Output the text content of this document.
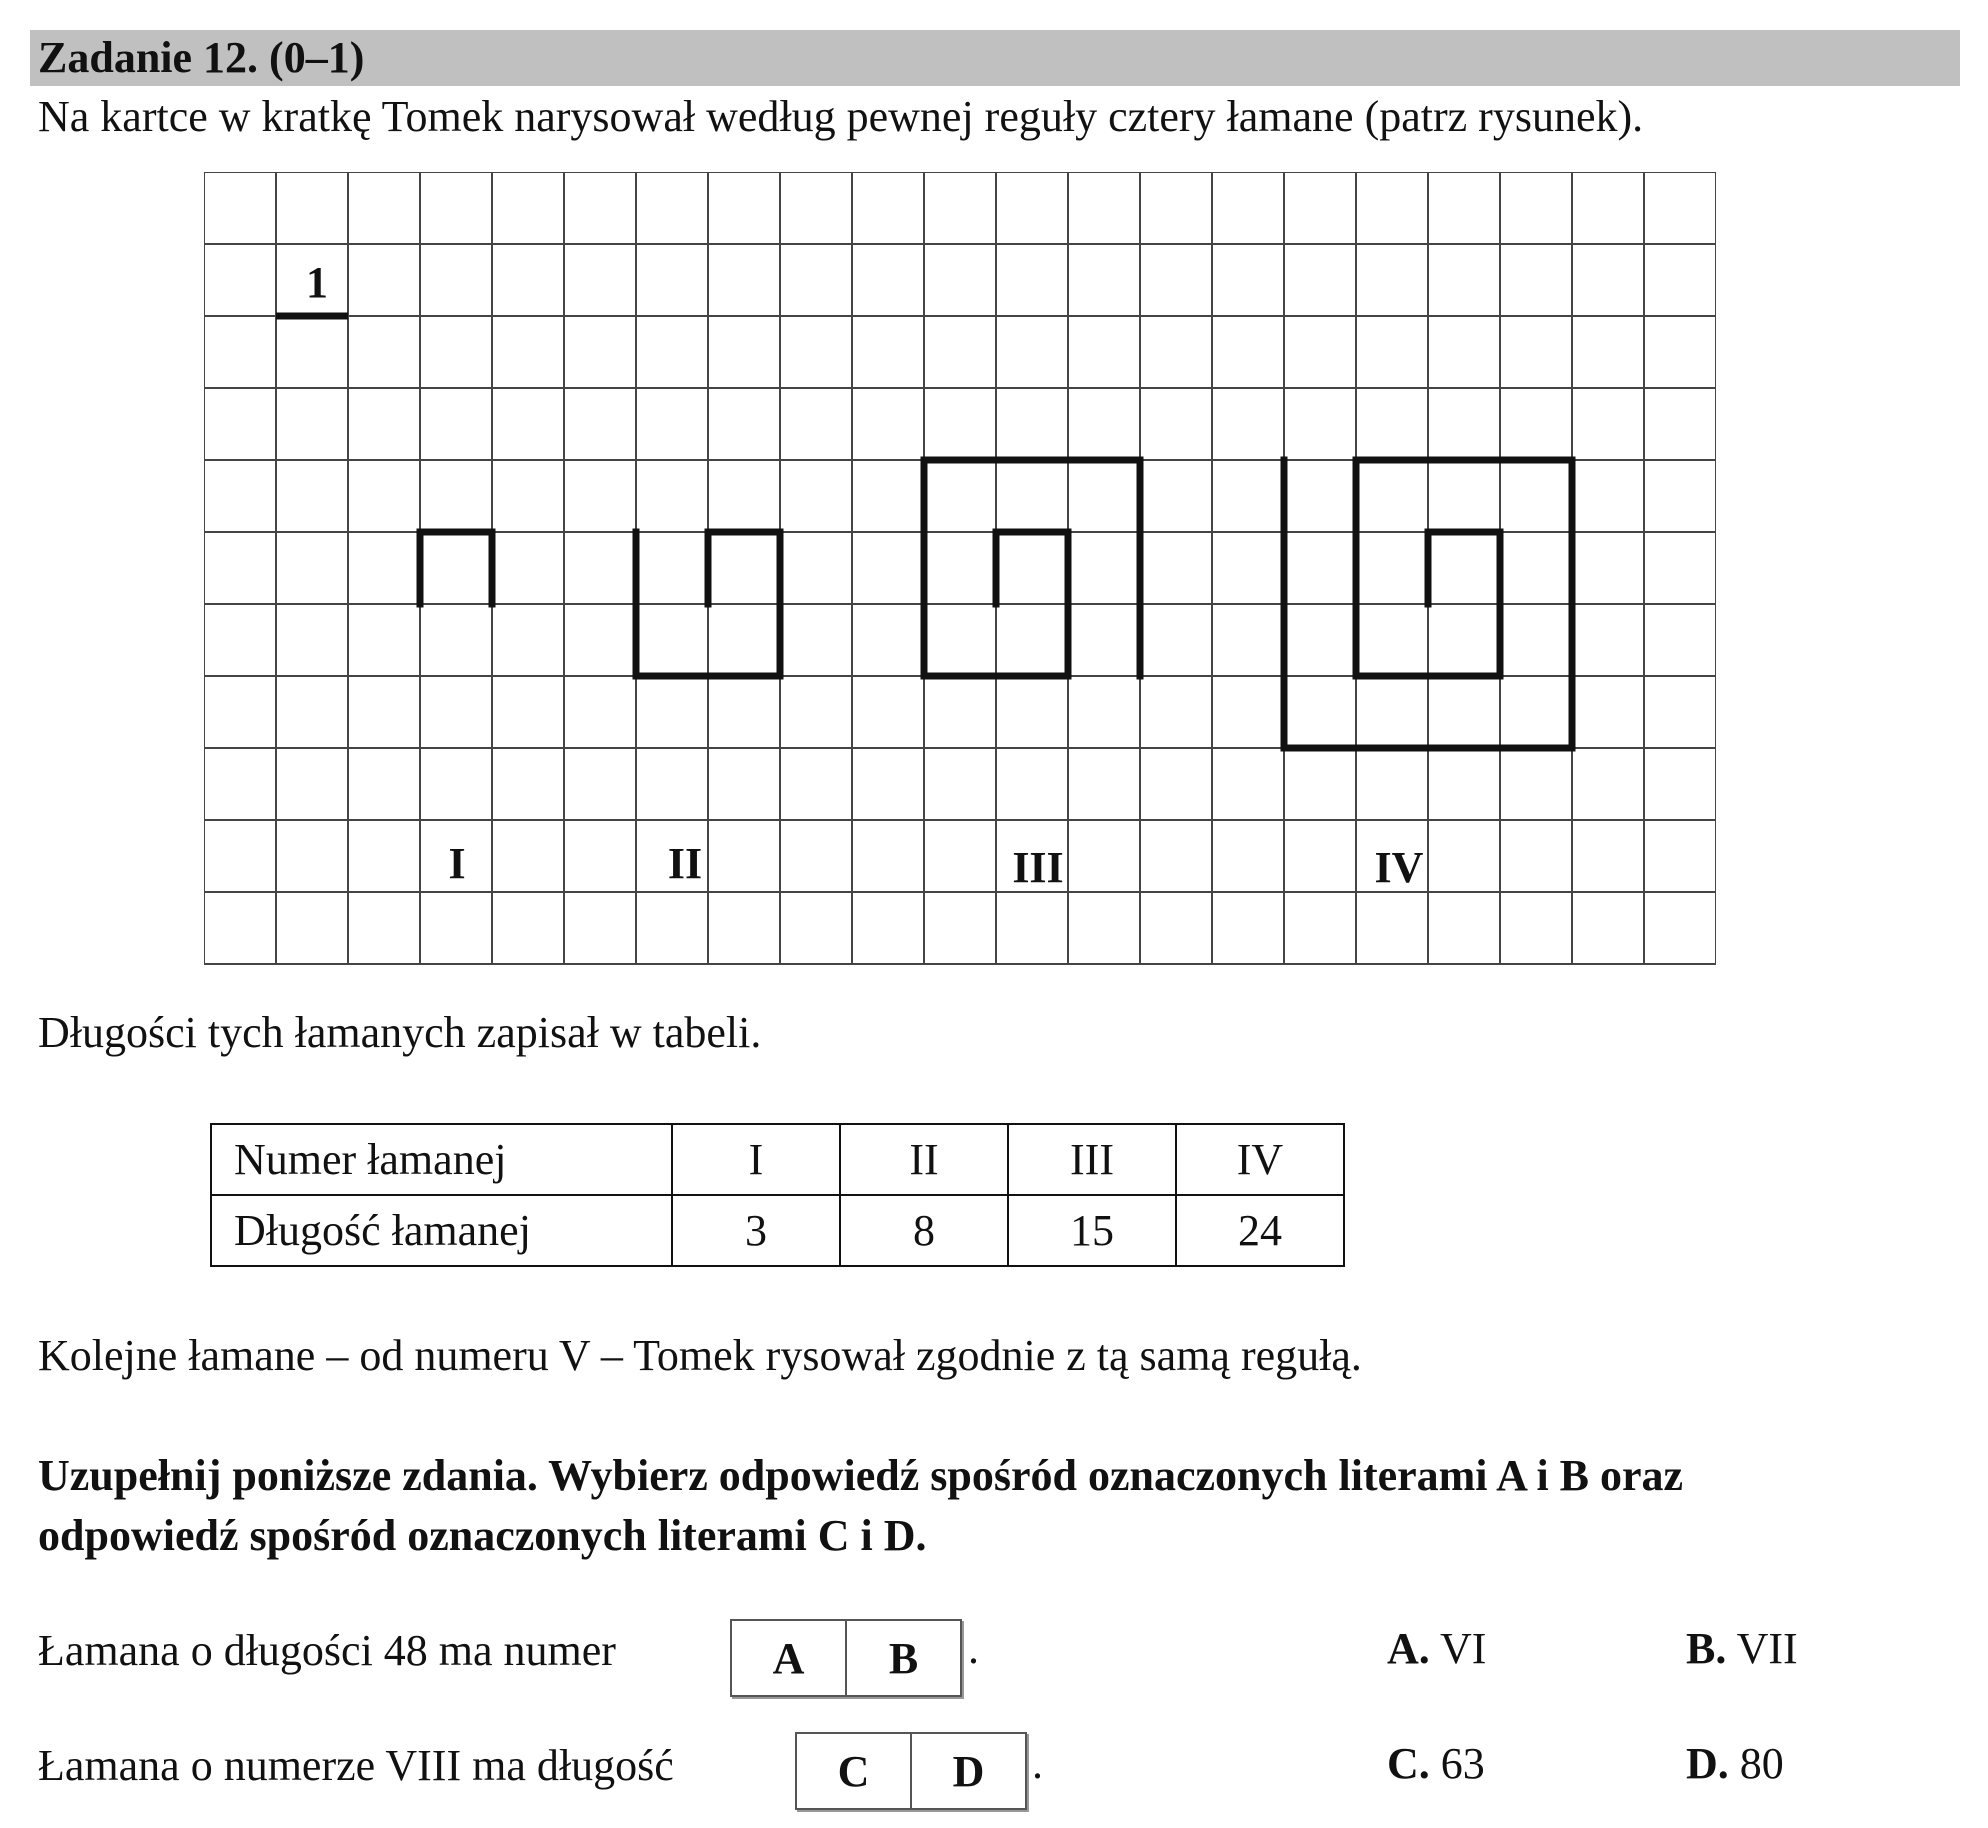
Zadanie 12. (0–1)
Na kartce w kratkę Tomek narysował według pewnej reguły cztery łamane (patrz rysunek).
1
I	II	III	IV
Długości tych łamanych zapisał w tabeli.
Numer łamanej	I	II	III	IV
Długość łamanej	3	8	15	24
Kolejne łamane – od numeru V – Tomek rysował zgodnie z tą samą regułą.
Uzupełnij poniższe zdania. Wybierz odpowiedź spośród oznaczonych literami A i B oraz
odpowiedź spośród oznaczonych literami C i D.
Łamana o długości 48 ma numer	A	B	.	A. VI	B. VII
Łamana o numerze VIII ma długość	C	D	.	C. 63	D. 80
